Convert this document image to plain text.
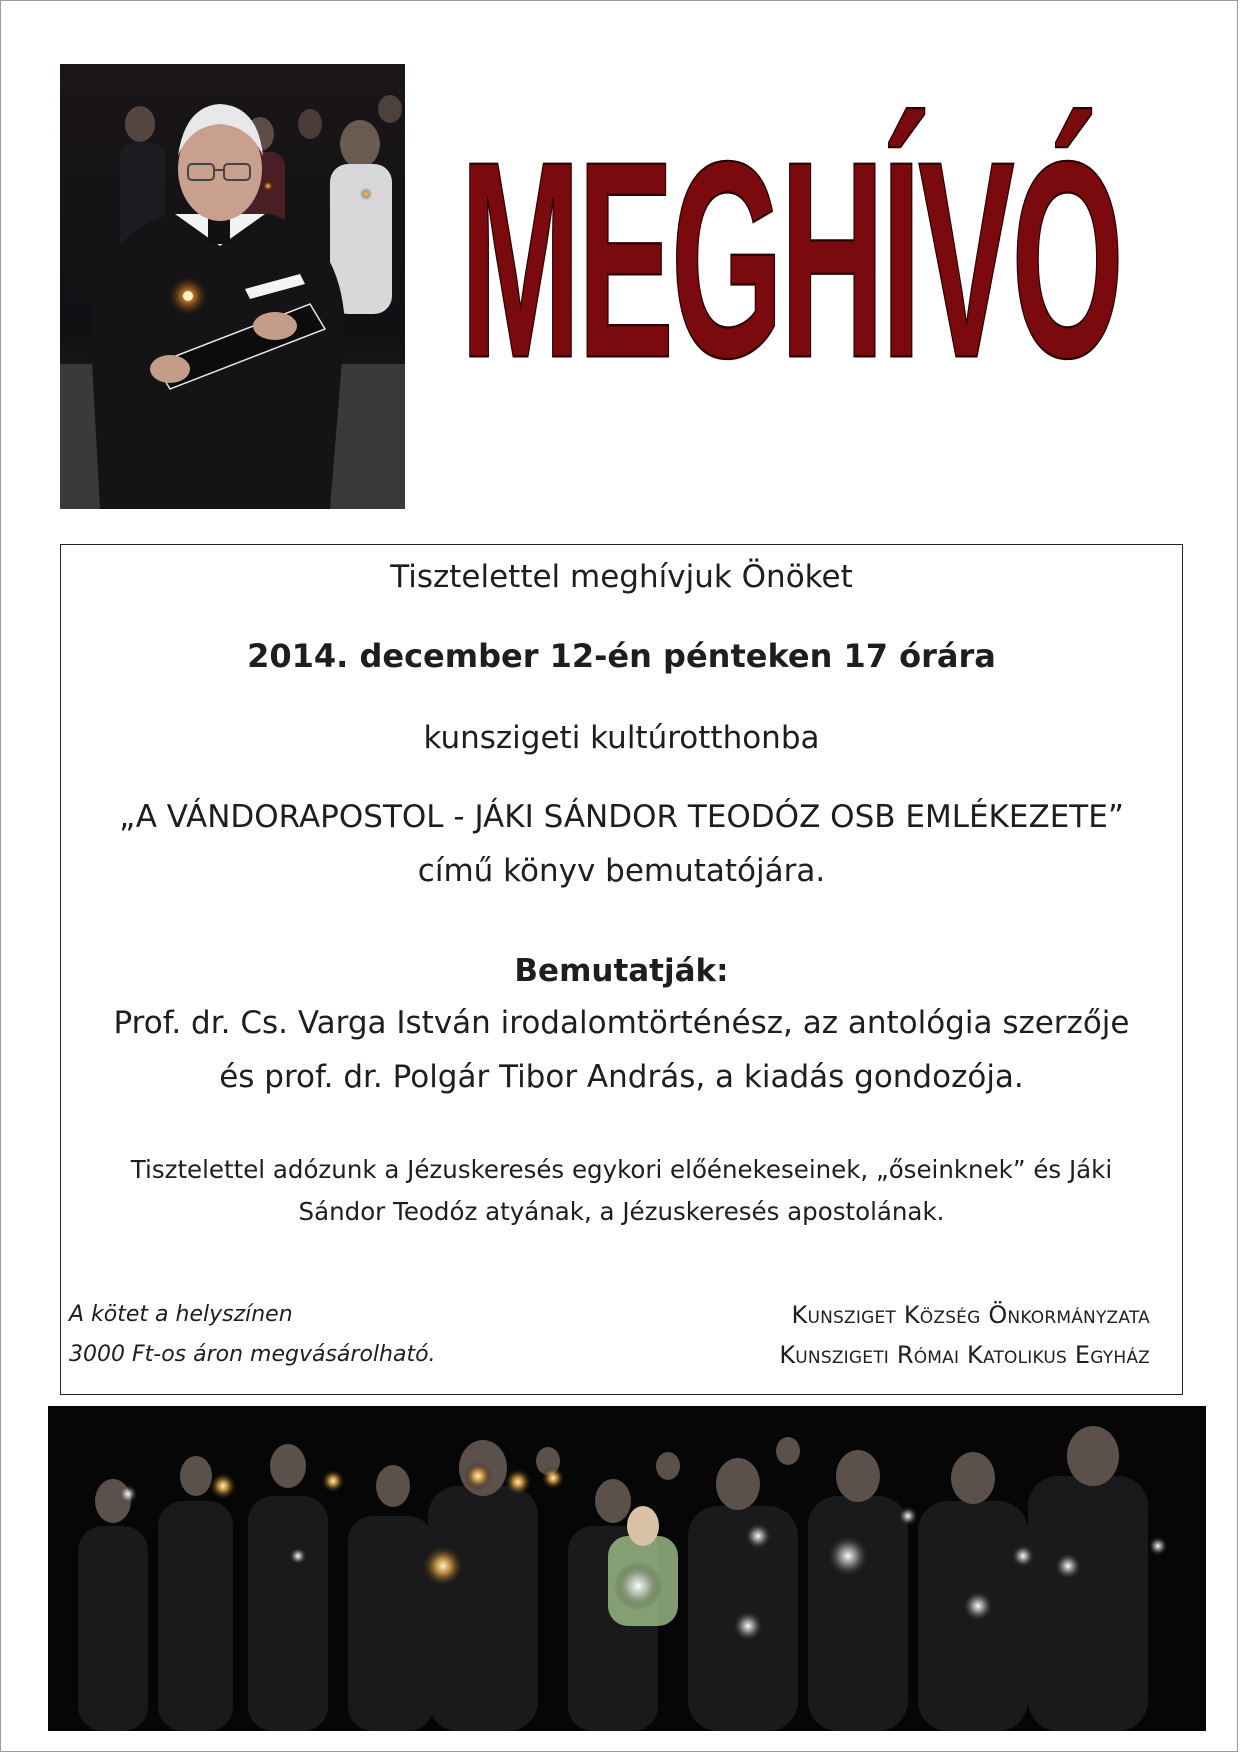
MEGHÍVÓ
Tisztelettel meghívjuk Önöket
2014. december 12-én pénteken 17 órára
kunszigeti kultúrotthonba
„A VÁNDORAPOSTOL - JÁKI SÁNDOR TEODÓZ OSB EMLÉKEZETE”
című könyv bemutatójára.
Bemutatják:
Prof. dr. Cs. Varga István irodalomtörténész, az antológia szerzője
és prof. dr. Polgár Tibor András, a kiadás gondozója.
Tisztelettel adózunk a Jézuskeresés egykori előénekeseinek, „őseinknek” és Jáki
Sándor Teodóz atyának, a Jézuskeresés apostolának.
A kötet a helyszínen
3000 Ft-os áron megvásárolható.
Kunsziget Község Önkormányzata
Kunszigeti Római Katolikus Egyház
